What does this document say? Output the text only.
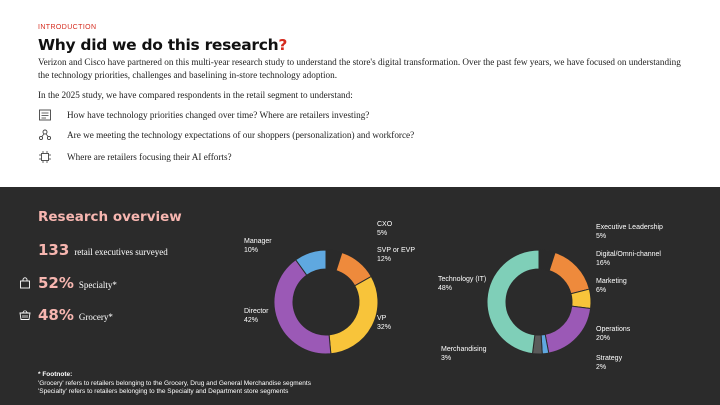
INTRODUCTION
Why did we do this research?
Verizon and Cisco have partnered on this multi-year research study to understand the store's digital transformation. Over the past few years, we have focused on understanding the technology priorities, challenges and baselining in-store technology adoption.
In the 2025 study, we have compared respondents in the retail segment to understand:
How have technology priorities changed over time? Where are retailers investing?
Are we meeting the technology expectations of our shoppers (personalization) and workforce?
Where are retailers focusing their AI efforts?
Research overview
133 retail executives surveyed
52% Specialty*
48% Grocery*
* Footnote:
'Grocery' refers to retailers belonging to the Grocery, Drug and General Merchandise segments
'Specialty' refers to retailers belonging to the Specialty and Department store segments
CXO
5%
SVP or EVP
12%
VP
32%
Director
42%
Manager
10%
Executive Leadership
5%
Digital/Omni-channel
16%
Marketing
6%
Operations
20%
Strategy
2%
Merchandising
3%
Technology (IT)
48%
